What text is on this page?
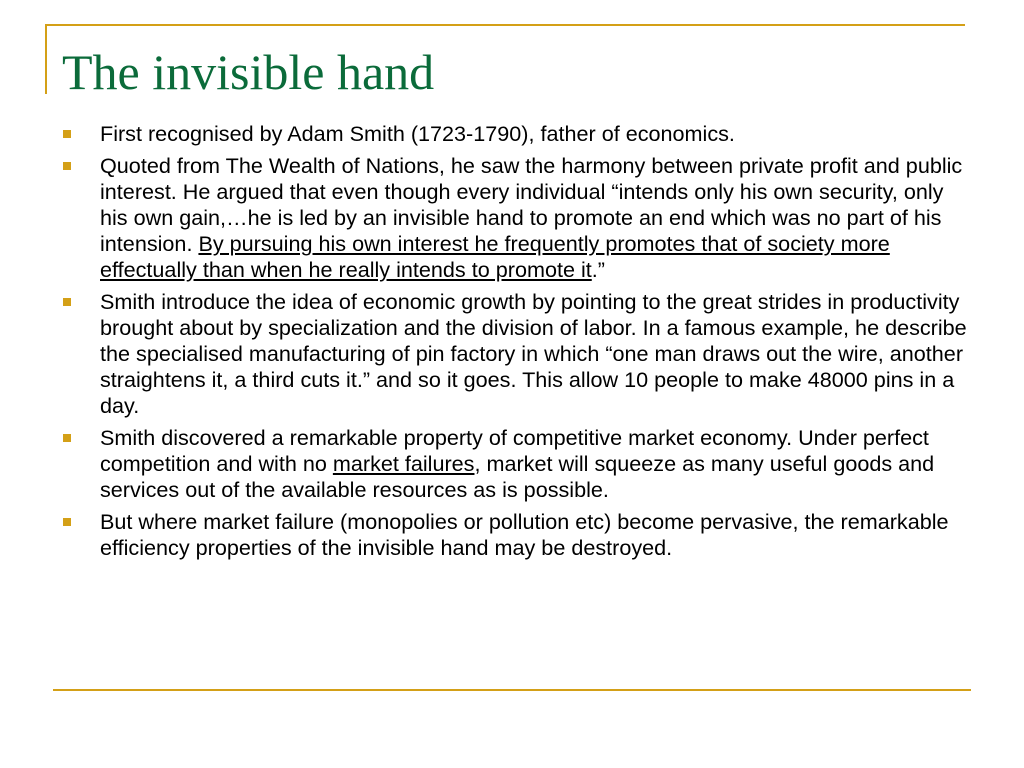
The invisible hand
First recognised by Adam Smith (1723-1790), father of economics.
Quoted from The Wealth of Nations, he saw the harmony between private profit and public interest. He argued that even though every individual “intends only his own security, only his own gain,…he is led by an invisible hand to promote an end which was no part of his intension. By pursuing his own interest he frequently promotes that of society more effectually than when he really intends to promote it.”
Smith introduce the idea of economic growth by pointing to the great strides in productivity brought about by specialization and the division of labor. In a famous example, he describe the specialised manufacturing of pin factory in which “one man draws out the wire, another straightens it, a third cuts it.” and so it goes. This allow 10 people to make 48000 pins in a day.
Smith discovered a remarkable property of competitive market economy. Under perfect competition and with no market failures, market will squeeze as many useful goods and services out of the available resources as is possible.
But where market failure (monopolies or pollution etc) become pervasive, the remarkable efficiency properties of the invisible hand may be destroyed.
